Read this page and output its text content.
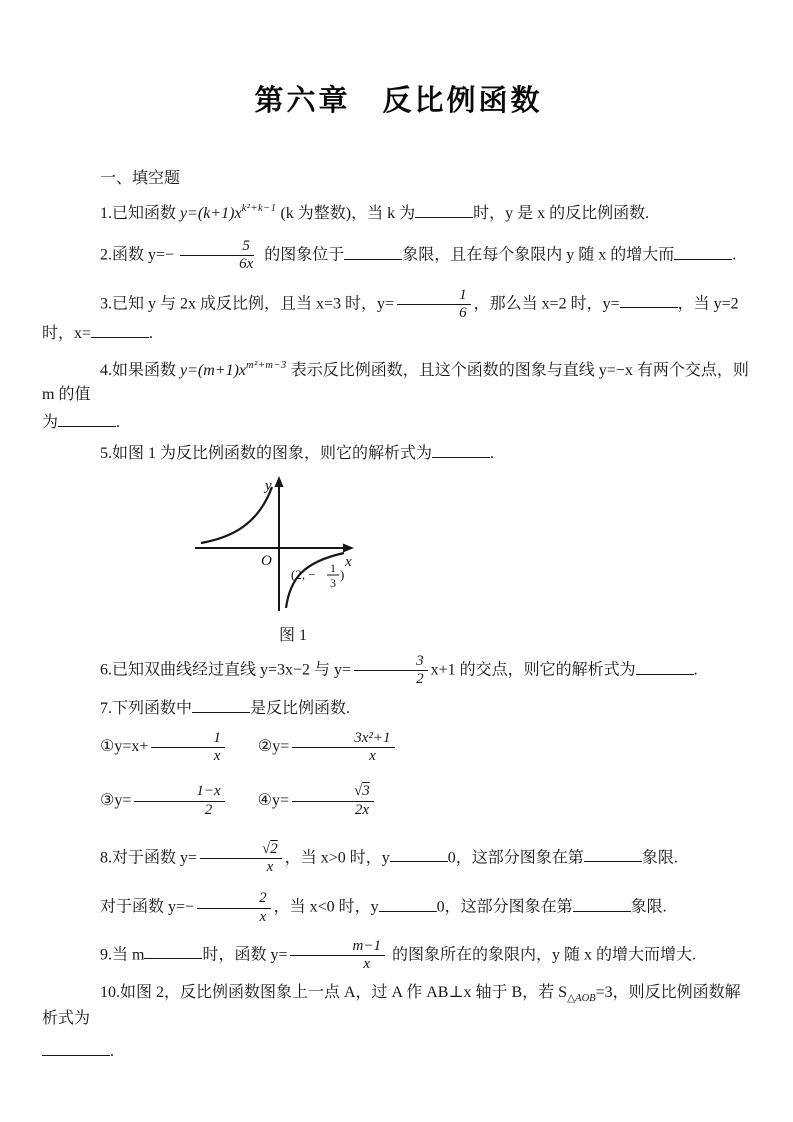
第六章　反比例函数

一、填空题

1.已知函数 $y=(k+1)x^{k^2+k-1}$ (k 为整数)，当 k 为	时，y 是 x 的反比例函数.

2.函数 $y=- \frac{5}{6x}$ 的图象位于	象限，且在每个象限内 y 随 x 的增大而	.

3.已知 y 与 2x 成反比例，且当 x=3 时，$y= \frac{1}{6}$ ，那么当 x=2 时，y=	，当 y=2 时，x=	.

4.如果函数 $y=(m+1)x^{m^2+m-3}$ 表示反比例函数，且这个函数的图象与直线 y=−x 有两个交点，则 m 的值

为	.

5.如图 1 为反比例函数的图象，则它的解析式为	.

y
x
O
(2, − 1
3
)
图 1

6.已知双曲线经过直线 y=3x−2 与 $y= \frac{3}{2} x+1$ 的交点，则它的解析式为	.

7.下列函数中	是反比例函数.

①y=x+ $\frac{1}{x}$ ②y= $\frac{\text{3x²+1}}{x}$

③y= $\frac{1-x}{2}$ ④y= $\frac{√3}{2x}$

8.对于函数 $y= \frac{√2}{x}$ ，当 x>0 时，y	0，这部分图象在第	象限.

对于函数 $y=- \frac{2}{x}$ ，当 x<0 时，y	0，这部分图象在第	象限.

9.当 m	时，函数 $y= \frac{m-1}{x}$ 的图象所在的象限内，y 随 x 的增大而增大.

10.如图 2，反比例函数图象上一点 A，过 A 作 AB⊥x 轴于 B，若 $S_{\triangle AOB}=3$，则反比例函数解析式为

.
